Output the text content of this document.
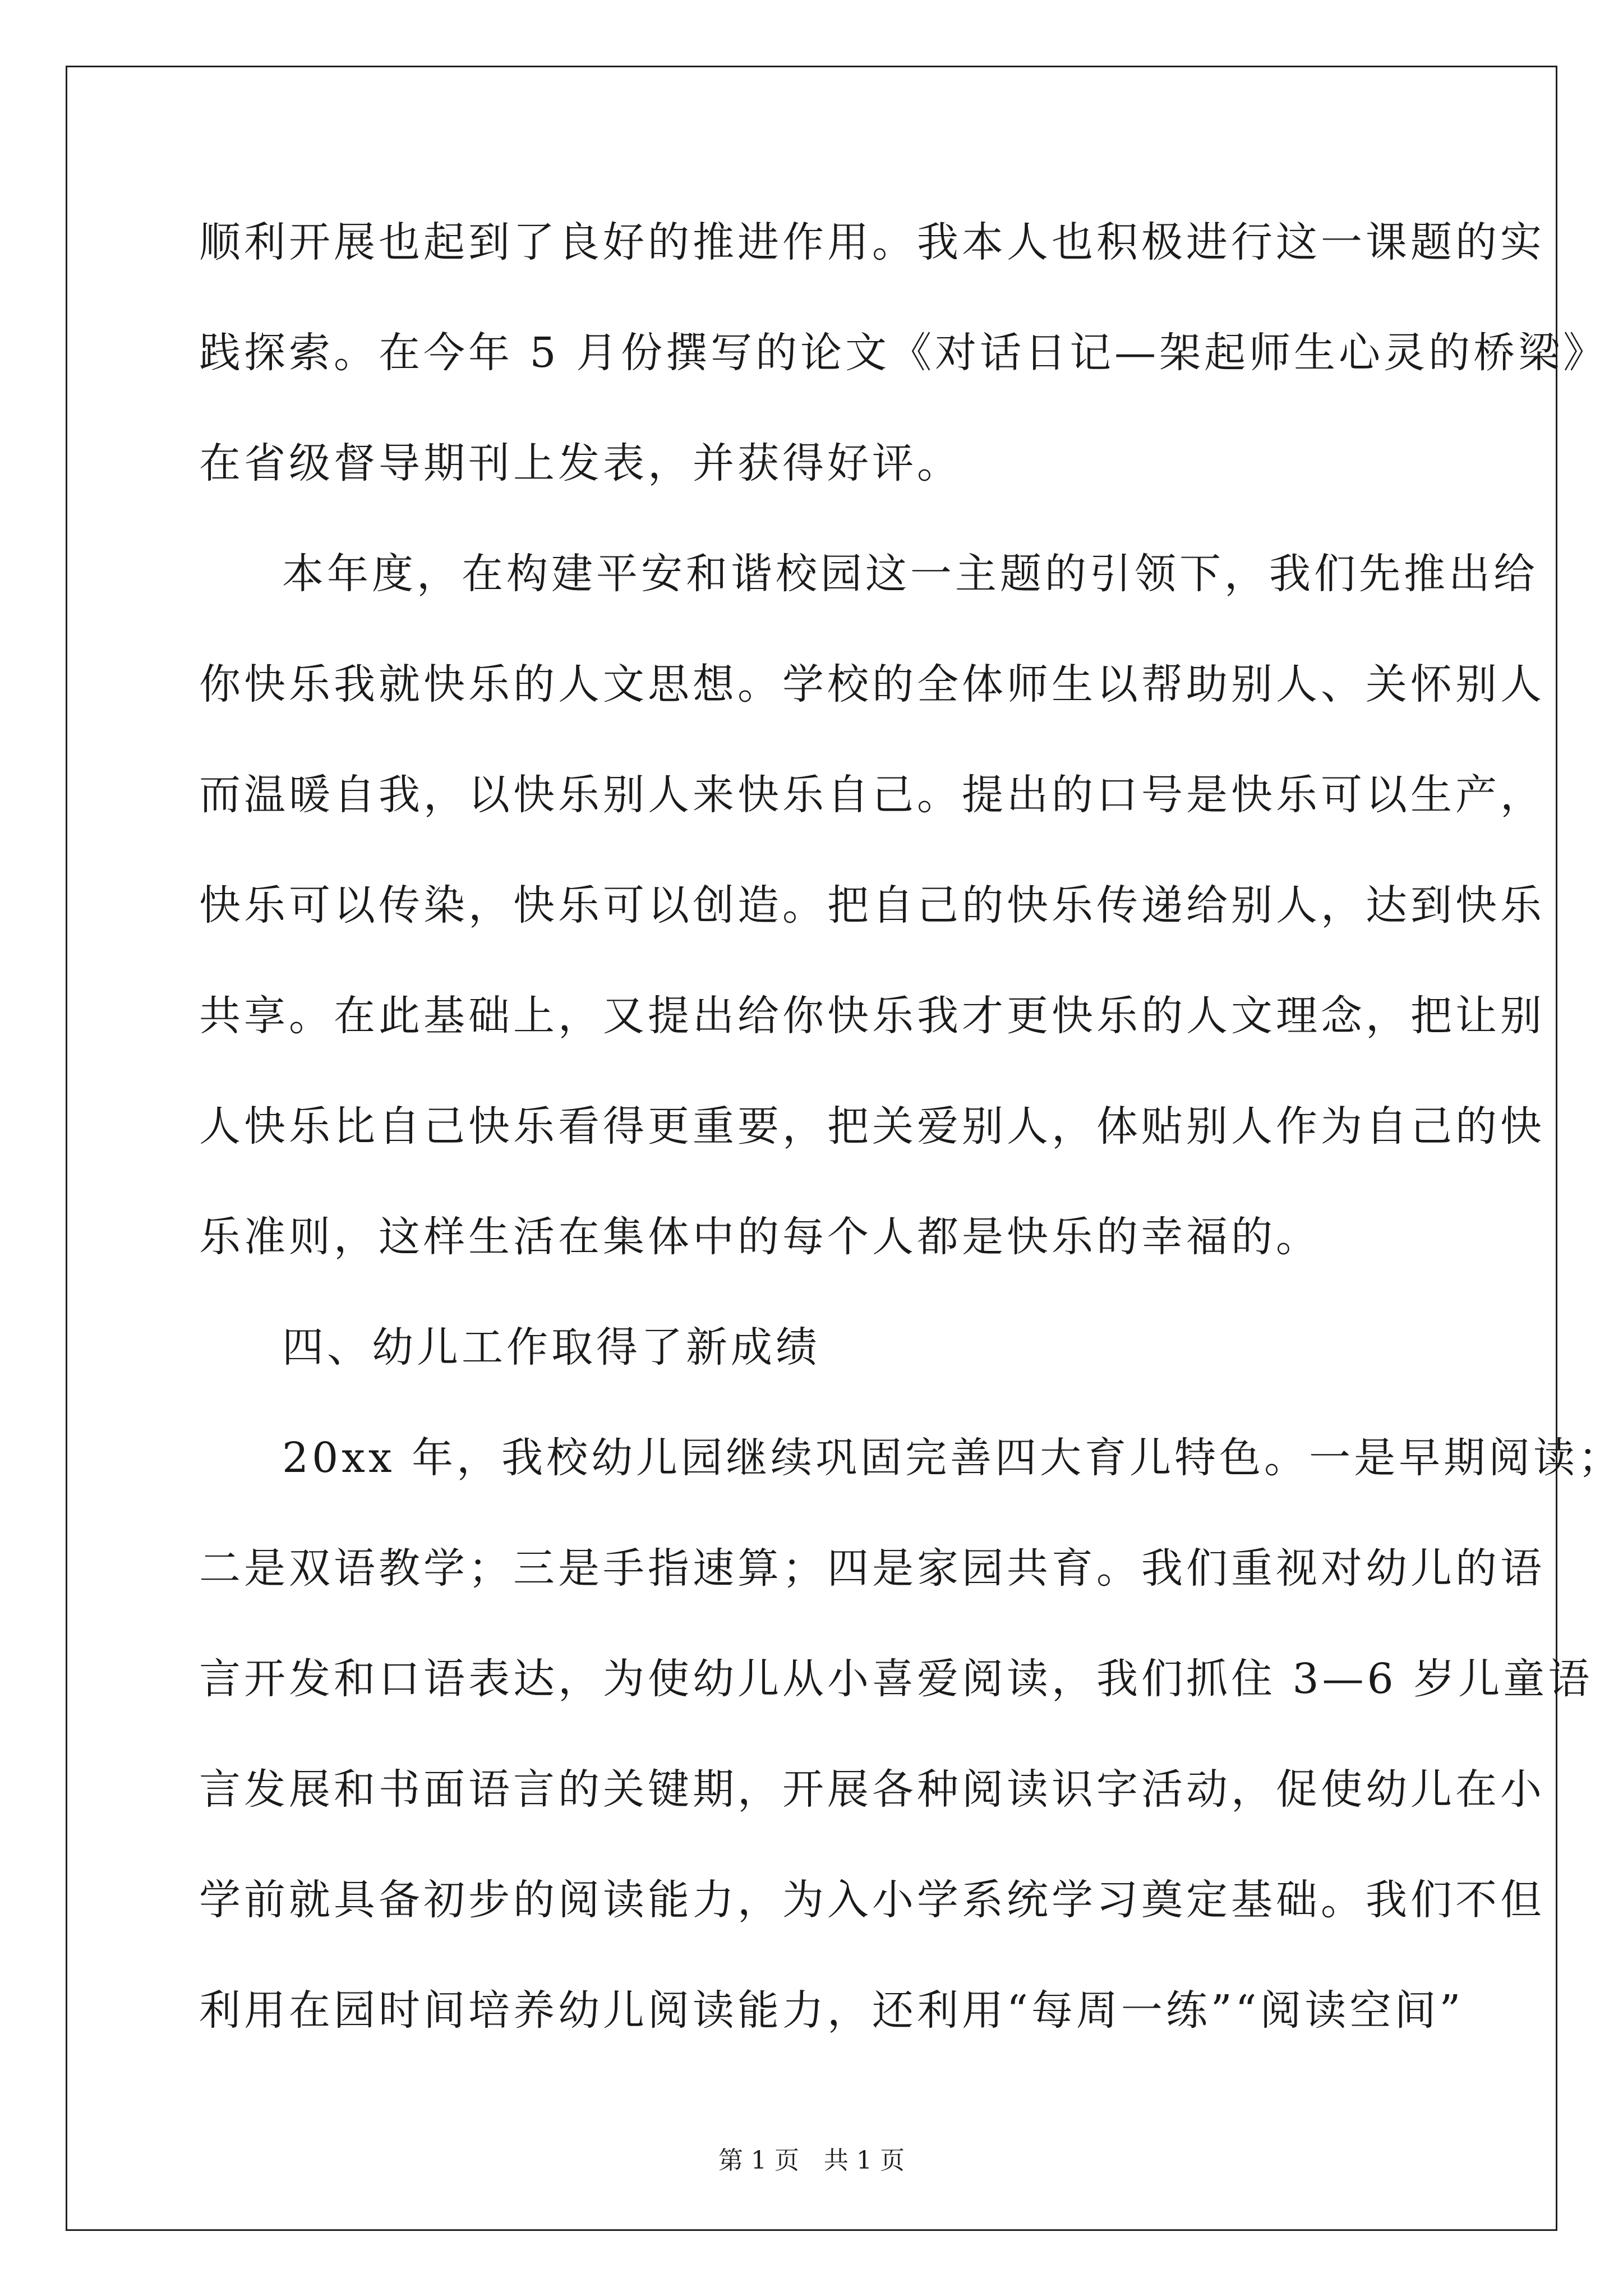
顺利开展也起到了良好的推进作用。我本人也积极进行这一课题的实
践探索。在今年 5 月份撰写的论文《对话日记—架起师生心灵的桥梁》
在省级督导期刊上发表，并获得好评。
本年度，在构建平安和谐校园这一主题的引领下，我们先推出给
你快乐我就快乐的人文思想。学校的全体师生以帮助别人、关怀别人
而温暖自我，以快乐别人来快乐自己。提出的口号是快乐可以生产，
快乐可以传染，快乐可以创造。把自己的快乐传递给别人，达到快乐
共享。在此基础上，又提出给你快乐我才更快乐的人文理念，把让别
人快乐比自己快乐看得更重要，把关爱别人，体贴别人作为自己的快
乐准则，这样生活在集体中的每个人都是快乐的幸福的。
四、幼儿工作取得了新成绩
20xx 年，我校幼儿园继续巩固完善四大育儿特色。一是早期阅读；
二是双语教学；三是手指速算；四是家园共育。我们重视对幼儿的语
言开发和口语表达，为使幼儿从小喜爱阅读，我们抓住 3—6 岁儿童语
言发展和书面语言的关键期，开展各种阅读识字活动，促使幼儿在小
学前就具备初步的阅读能力，为入小学系统学习奠定基础。我们不但
利用在园时间培养幼儿阅读能力，还利用“每周一练”“阅读空间”
第 1 页　共 1 页
